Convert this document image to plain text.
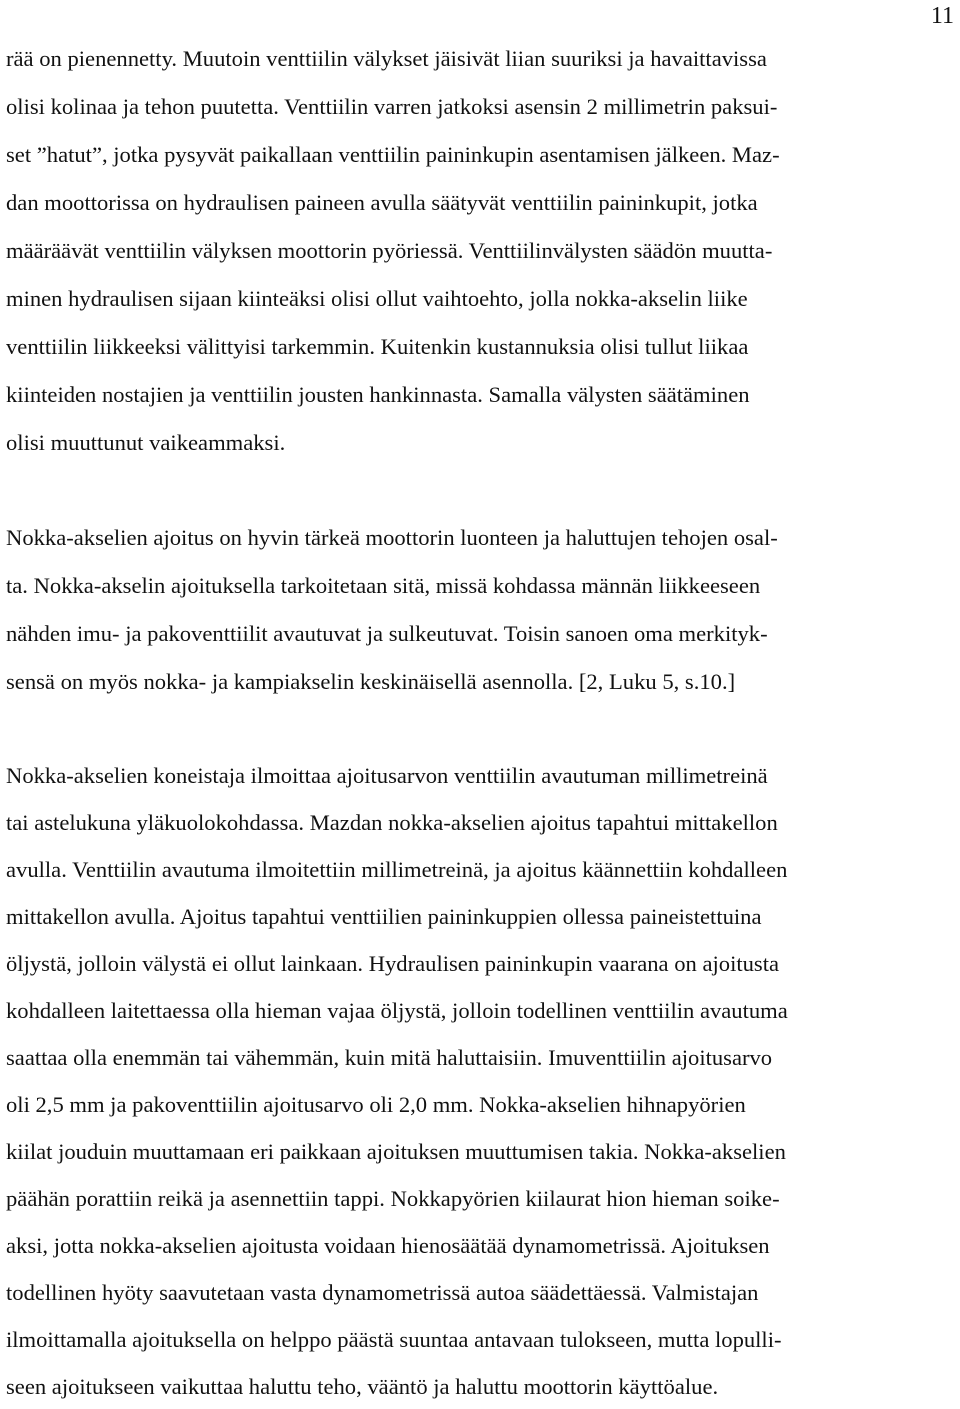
11
rää on pienennetty. Muutoin venttiilin välykset jäisivät liian suuriksi ja havaittavissa
olisi kolinaa ja tehon puutetta. Venttiilin varren jatkoksi asensin 2 millimetrin paksui-
set ”hatut”, jotka pysyvät paikallaan venttiilin paininkupin asentamisen jälkeen. Maz-
dan moottorissa on hydraulisen paineen avulla säätyvät venttiilin paininkupit, jotka
määräävät venttiilin välyksen moottorin pyöriessä. Venttiilinvälysten säädön muutta-
minen hydraulisen sijaan kiinteäksi olisi ollut vaihtoehto, jolla nokka-akselin liike
venttiilin liikkeeksi välittyisi tarkemmin. Kuitenkin kustannuksia olisi tullut liikaa
kiinteiden nostajien ja venttiilin jousten hankinnasta. Samalla välysten säätäminen
olisi muuttunut vaikeammaksi.
Nokka-akselien ajoitus on hyvin tärkeä moottorin luonteen ja haluttujen tehojen osal-
ta. Nokka-akselin ajoituksella tarkoitetaan sitä, missä kohdassa männän liikkeeseen
nähden imu- ja pakoventtiilit avautuvat ja sulkeutuvat. Toisin sanoen oma merkityk-
sensä on myös nokka- ja kampiakselin keskinäisellä asennolla. [2, Luku 5, s.10.]
Nokka-akselien koneistaja ilmoittaa ajoitusarvon venttiilin avautuman millimetreinä
tai astelukuna yläkuolokohdassa. Mazdan nokka-akselien ajoitus tapahtui mittakellon
avulla. Venttiilin avautuma ilmoitettiin millimetreinä, ja ajoitus käännettiin kohdalleen
mittakellon avulla. Ajoitus tapahtui venttiilien paininkuppien ollessa paineistettuina
öljystä, jolloin välystä ei ollut lainkaan. Hydraulisen paininkupin vaarana on ajoitusta
kohdalleen laitettaessa olla hieman vajaa öljystä, jolloin todellinen venttiilin avautuma
saattaa olla enemmän tai vähemmän, kuin mitä haluttaisiin. Imuventtiilin ajoitusarvo
oli 2,5 mm ja pakoventtiilin ajoitusarvo oli 2,0 mm. Nokka-akselien hihnapyörien
kiilat jouduin muuttamaan eri paikkaan ajoituksen muuttumisen takia. Nokka-akselien
päähän porattiin reikä ja asennettiin tappi. Nokkapyörien kiilaurat hion hieman soike-
aksi, jotta nokka-akselien ajoitusta voidaan hienosäätää dynamometrissä. Ajoituksen
todellinen hyöty saavutetaan vasta dynamometrissä autoa säädettäessä. Valmistajan
ilmoittamalla ajoituksella on helppo päästä suuntaa antavaan tulokseen, mutta lopulli-
seen ajoitukseen vaikuttaa haluttu teho, vääntö ja haluttu moottorin käyttöalue.
